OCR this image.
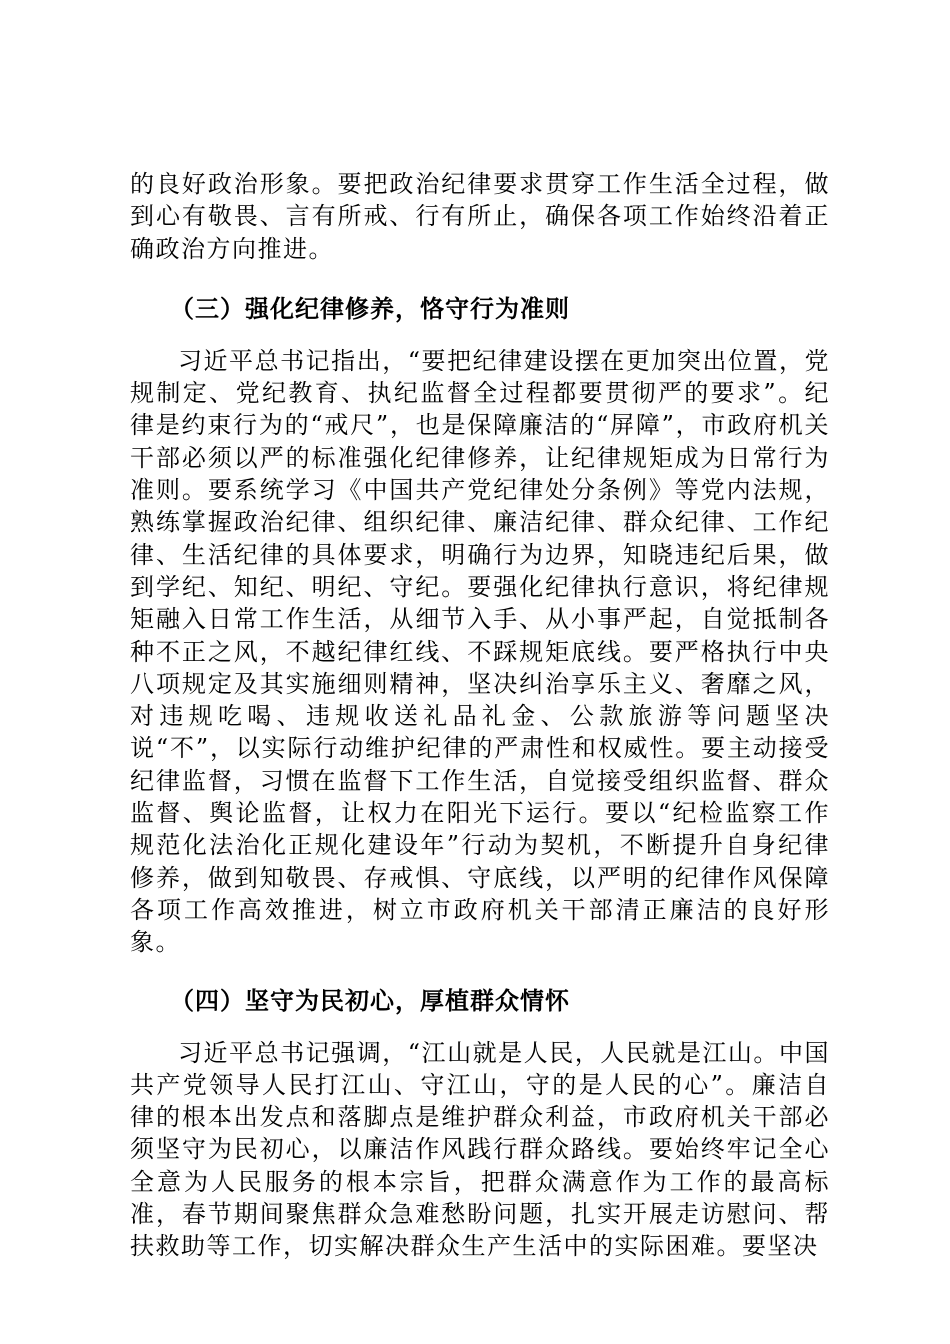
的良好政治形象。要把政治纪律要求贯穿工作生活全过程，做到心有敬畏、言有所戒、行有所止，确保各项工作始终沿着正确政治方向推进。

（三）强化纪律修养，恪守行为准则

习近平总书记指出，“要把纪律建设摆在更加突出位置，党规制定、党纪教育、执纪监督全过程都要贯彻严的要求”。纪律是约束行为的“戒尺”，也是保障廉洁的“屏障”，市政府机关干部必须以严的标准强化纪律修养，让纪律规矩成为日常行为准则。要系统学习《中国共产党纪律处分条例》等党内法规，熟练掌握政治纪律、组织纪律、廉洁纪律、群众纪律、工作纪律、生活纪律的具体要求，明确行为边界，知晓违纪后果，做到学纪、知纪、明纪、守纪。要强化纪律执行意识，将纪律规矩融入日常工作生活，从细节入手、从小事严起，自觉抵制各种不正之风，不越纪律红线、不踩规矩底线。要严格执行中央八项规定及其实施细则精神，坚决纠治享乐主义、奢靡之风，对违规吃喝、违规收送礼品礼金、公款旅游等问题坚决说“不”，以实际行动维护纪律的严肃性和权威性。要主动接受纪律监督，习惯在监督下工作生活，自觉接受组织监督、群众监督、舆论监督，让权力在阳光下运行。要以“纪检监察工作规范化法治化正规化建设年”行动为契机，不断提升自身纪律修养，做到知敬畏、存戒惧、守底线，以严明的纪律作风保障各项工作高效推进，树立市政府机关干部清正廉洁的良好形象。

（四）坚守为民初心，厚植群众情怀

习近平总书记强调，“江山就是人民，人民就是江山。中国共产党领导人民打江山、守江山，守的是人民的心”。廉洁自律的根本出发点和落脚点是维护群众利益，市政府机关干部必须坚守为民初心，以廉洁作风践行群众路线。要始终牢记全心全意为人民服务的根本宗旨，把群众满意作为工作的最高标准，春节期间聚焦群众急难愁盼问题，扎实开展走访慰问、帮扶救助等工作，切实解决群众生产生活中的实际困难。要坚决
